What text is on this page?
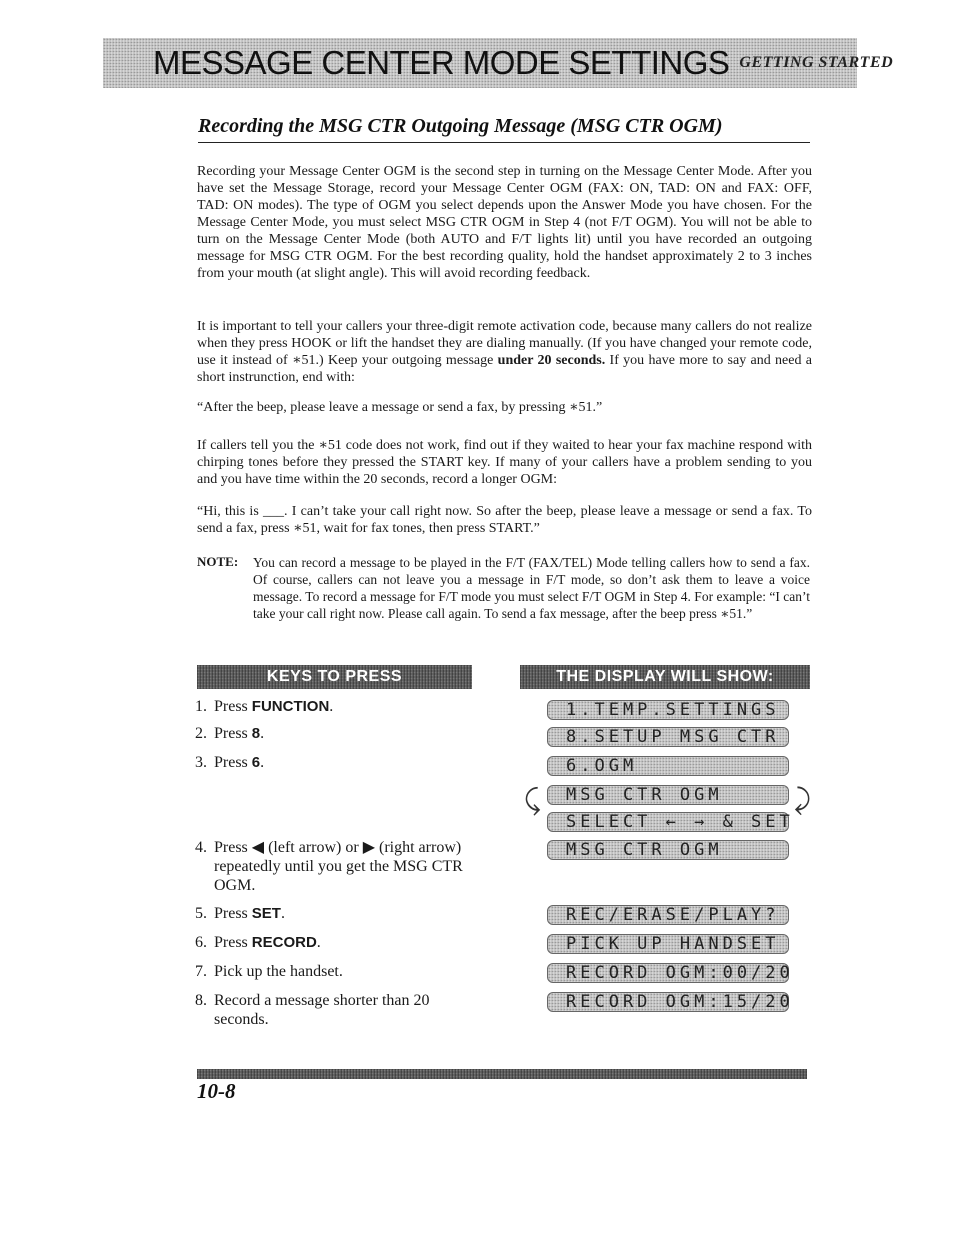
MESSAGE CENTER MODE SETTINGS GETTING STARTED
Recording the MSG CTR Outgoing Message (MSG CTR OGM)

Recording your Message Center OGM is the second step in turning on the Message Center Mode. After you have set the Message Storage, record your Message Center OGM (FAX: ON, TAD: ON and FAX: OFF, TAD: ON modes). The type of OGM you select depends upon the Answer Mode you have chosen. For the Message Center Mode, you must select MSG CTR OGM in Step 4 (not F/T OGM). You will not be able to turn on the Message Center Mode (both AUTO and F/T lights lit) until you have recorded an outgoing message for MSG CTR OGM. For the best recording quality, hold the handset approximately 2 to 3 inches from your mouth (at slight angle). This will avoid recording feedback.

It is important to tell your callers your three-digit remote activation code, because many callers do not realize when they press HOOK or lift the handset they are dialing manually. (If you have changed your remote code, use it instead of ∗51.) Keep your outgoing message under 20 seconds. If you have more to say and need a short instrunction, end with:

“After the beep, please leave a message or send a fax, by pressing ∗51.”

If callers tell you the ∗51 code does not work, find out if they waited to hear your fax machine respond with chirping tones before they pressed the START key. If many of your callers have a problem sending to you and you have time within the 20 seconds, record a longer OGM:

“Hi, this is ___. I can’t take your call right now. So after the beep, please leave a message or send a fax. To send a fax, press ∗51, wait for fax tones, then press START.”

NOTE: You can record a message to be played in the F/T (FAX/TEL) Mode telling callers how to send a fax. Of course, callers can not leave you a message in F/T mode, so don’t ask them to leave a voice message. To record a message for F/T mode you must select F/T OGM in Step 4. For example: “I can’t take your call right now. Please call again. To send a fax message, after the beep press ∗51.”

KEYS TO PRESS	THE DISPLAY WILL SHOW:
1. Press FUNCTION.
2. Press 8.
3. Press 6.
4. Press ◀ (left arrow) or ▶ (right arrow) repeatedly until you get the MSG CTR OGM.
5. Press SET.
6. Press RECORD.
7. Pick up the handset.
8. Record a message shorter than 20 seconds.
1.TEMP.SETTINGS
8.SETUP MSG CTR
6.OGM
MSG CTR OGM
SELECT ← → & SET
MSG CTR OGM
REC/ERASE/PLAY?
PICK UP HANDSET
RECORD OGM:00/20
RECORD OGM:15/20
⤹	⤸
10-8
